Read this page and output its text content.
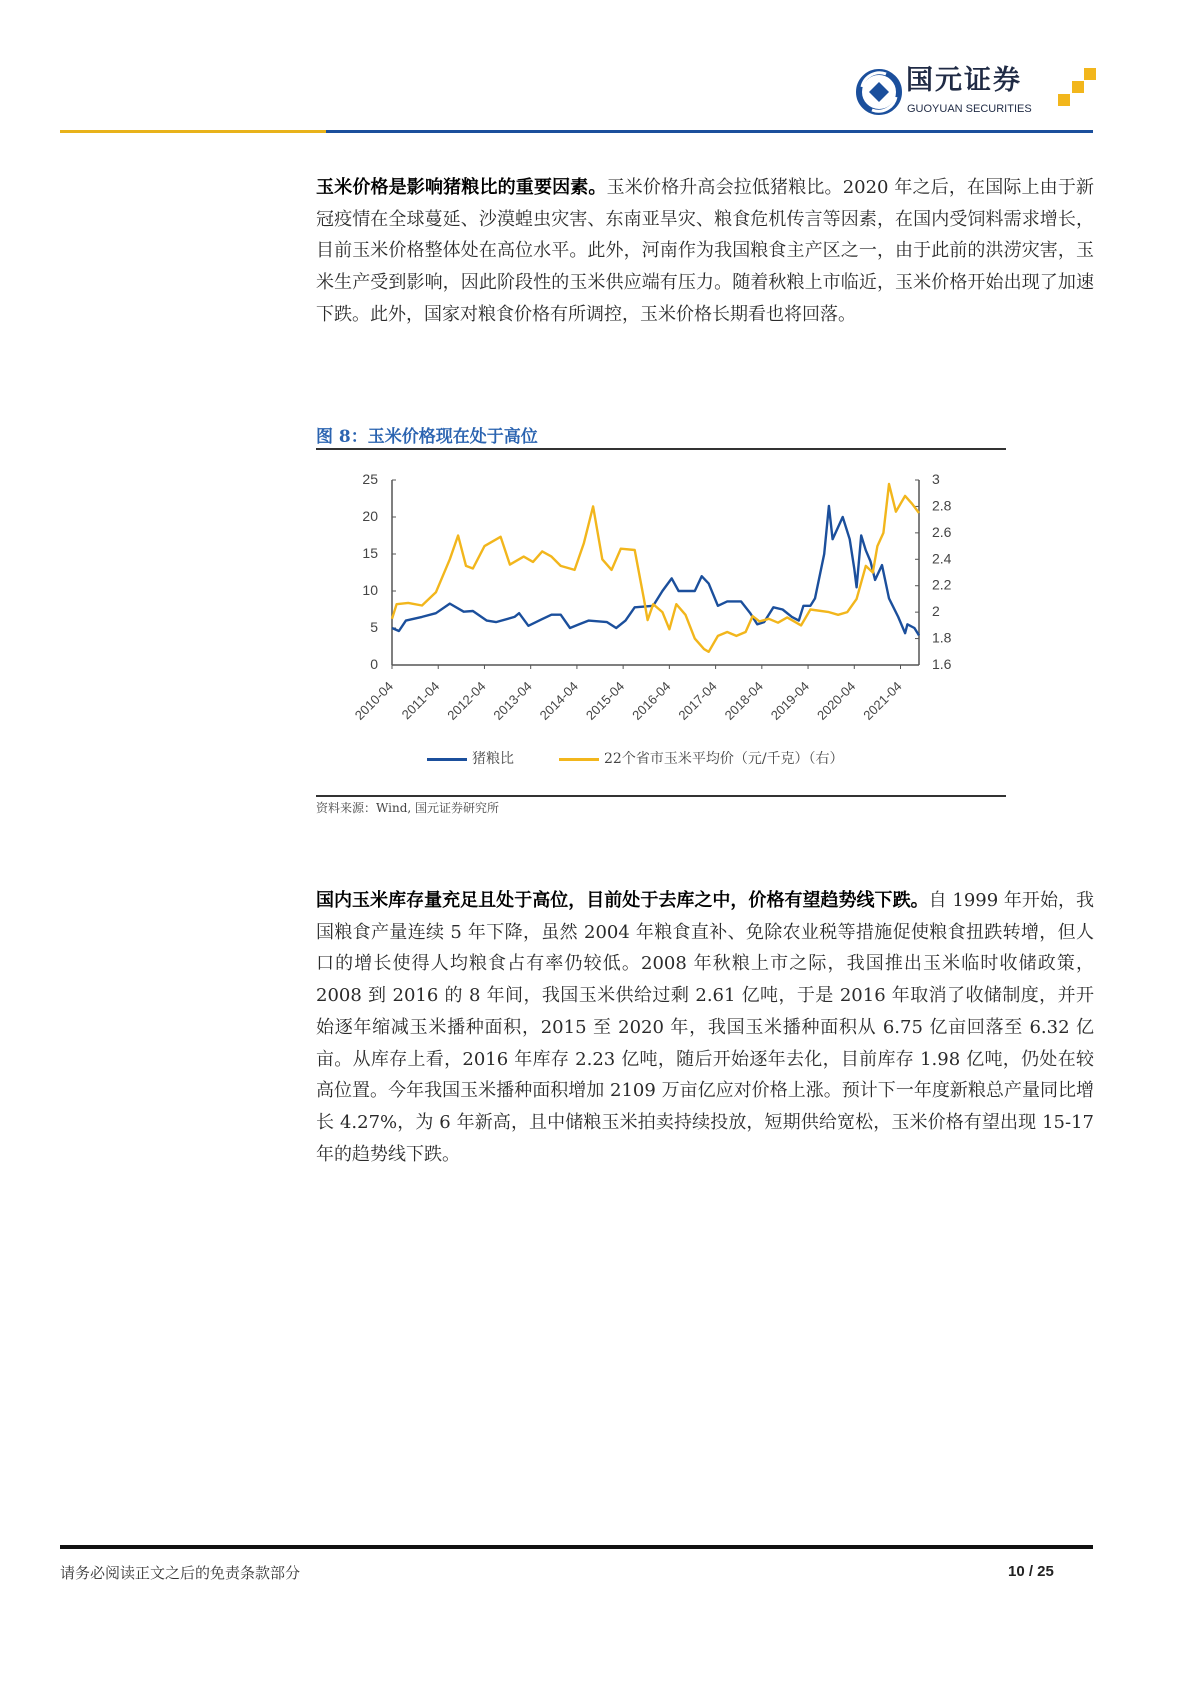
国元证券
GUOYUAN SECURITIES
玉米价格是影响猪粮比的重要因素。玉米价格升高会拉低猪粮比。2020 年之后，在国际上由于新冠疫情在全球蔓延、沙漠蝗虫灾害、东南亚旱灾、粮食危机传言等因素，在国内受饲料需求增长，目前玉米价格整体处在高位水平。此外，河南作为我国粮食主产区之一，由于此前的洪涝灾害，玉米生产受到影响，因此阶段性的玉米供应端有压力。随着秋粮上市临近，玉米价格开始出现了加速下跌。此外，国家对粮食价格有所调控，玉米价格长期看也将回落。
图 8：玉米价格现在处于高位
0
5
10
15
20
25
1.6
1.8
2
2.2
2.4
2.6
2.8
3
2010-04 2011-04 2012-04 2013-04 2014-04 2015-04 2016-04 2017-04 2018-04 2019-04 2020-04 2021-04
猪粮比	22个省市玉米平均价（元/千克）（右）
资料来源：Wind, 国元证券研究所
国内玉米库存量充足且处于高位，目前处于去库之中，价格有望趋势线下跌。自 1999 年开始，我国粮食产量连续 5 年下降，虽然 2004 年粮食直补、免除农业税等措施促使粮食扭跌转增，但人口的增长使得人均粮食占有率仍较低。2008 年秋粮上市之际，我国推出玉米临时收储政策，2008 到 2016 的 8 年间，我国玉米供给过剩 2.61 亿吨，于是 2016 年取消了收储制度，并开始逐年缩减玉米播种面积，2015 至 2020 年，我国玉米播种面积从 6.75 亿亩回落至 6.32 亿亩。从库存上看，2016 年库存 2.23 亿吨，随后开始逐年去化，目前库存 1.98 亿吨，仍处在较高位置。今年我国玉米播种面积增加 2109 万亩亿应对价格上涨。预计下一年度新粮总产量同比增长 4.27%，为 6 年新高，且中储粮玉米拍卖持续投放，短期供给宽松，玉米价格有望出现 15-17 年的趋势线下跌。
请务必阅读正文之后的免责条款部分	10 / 25
